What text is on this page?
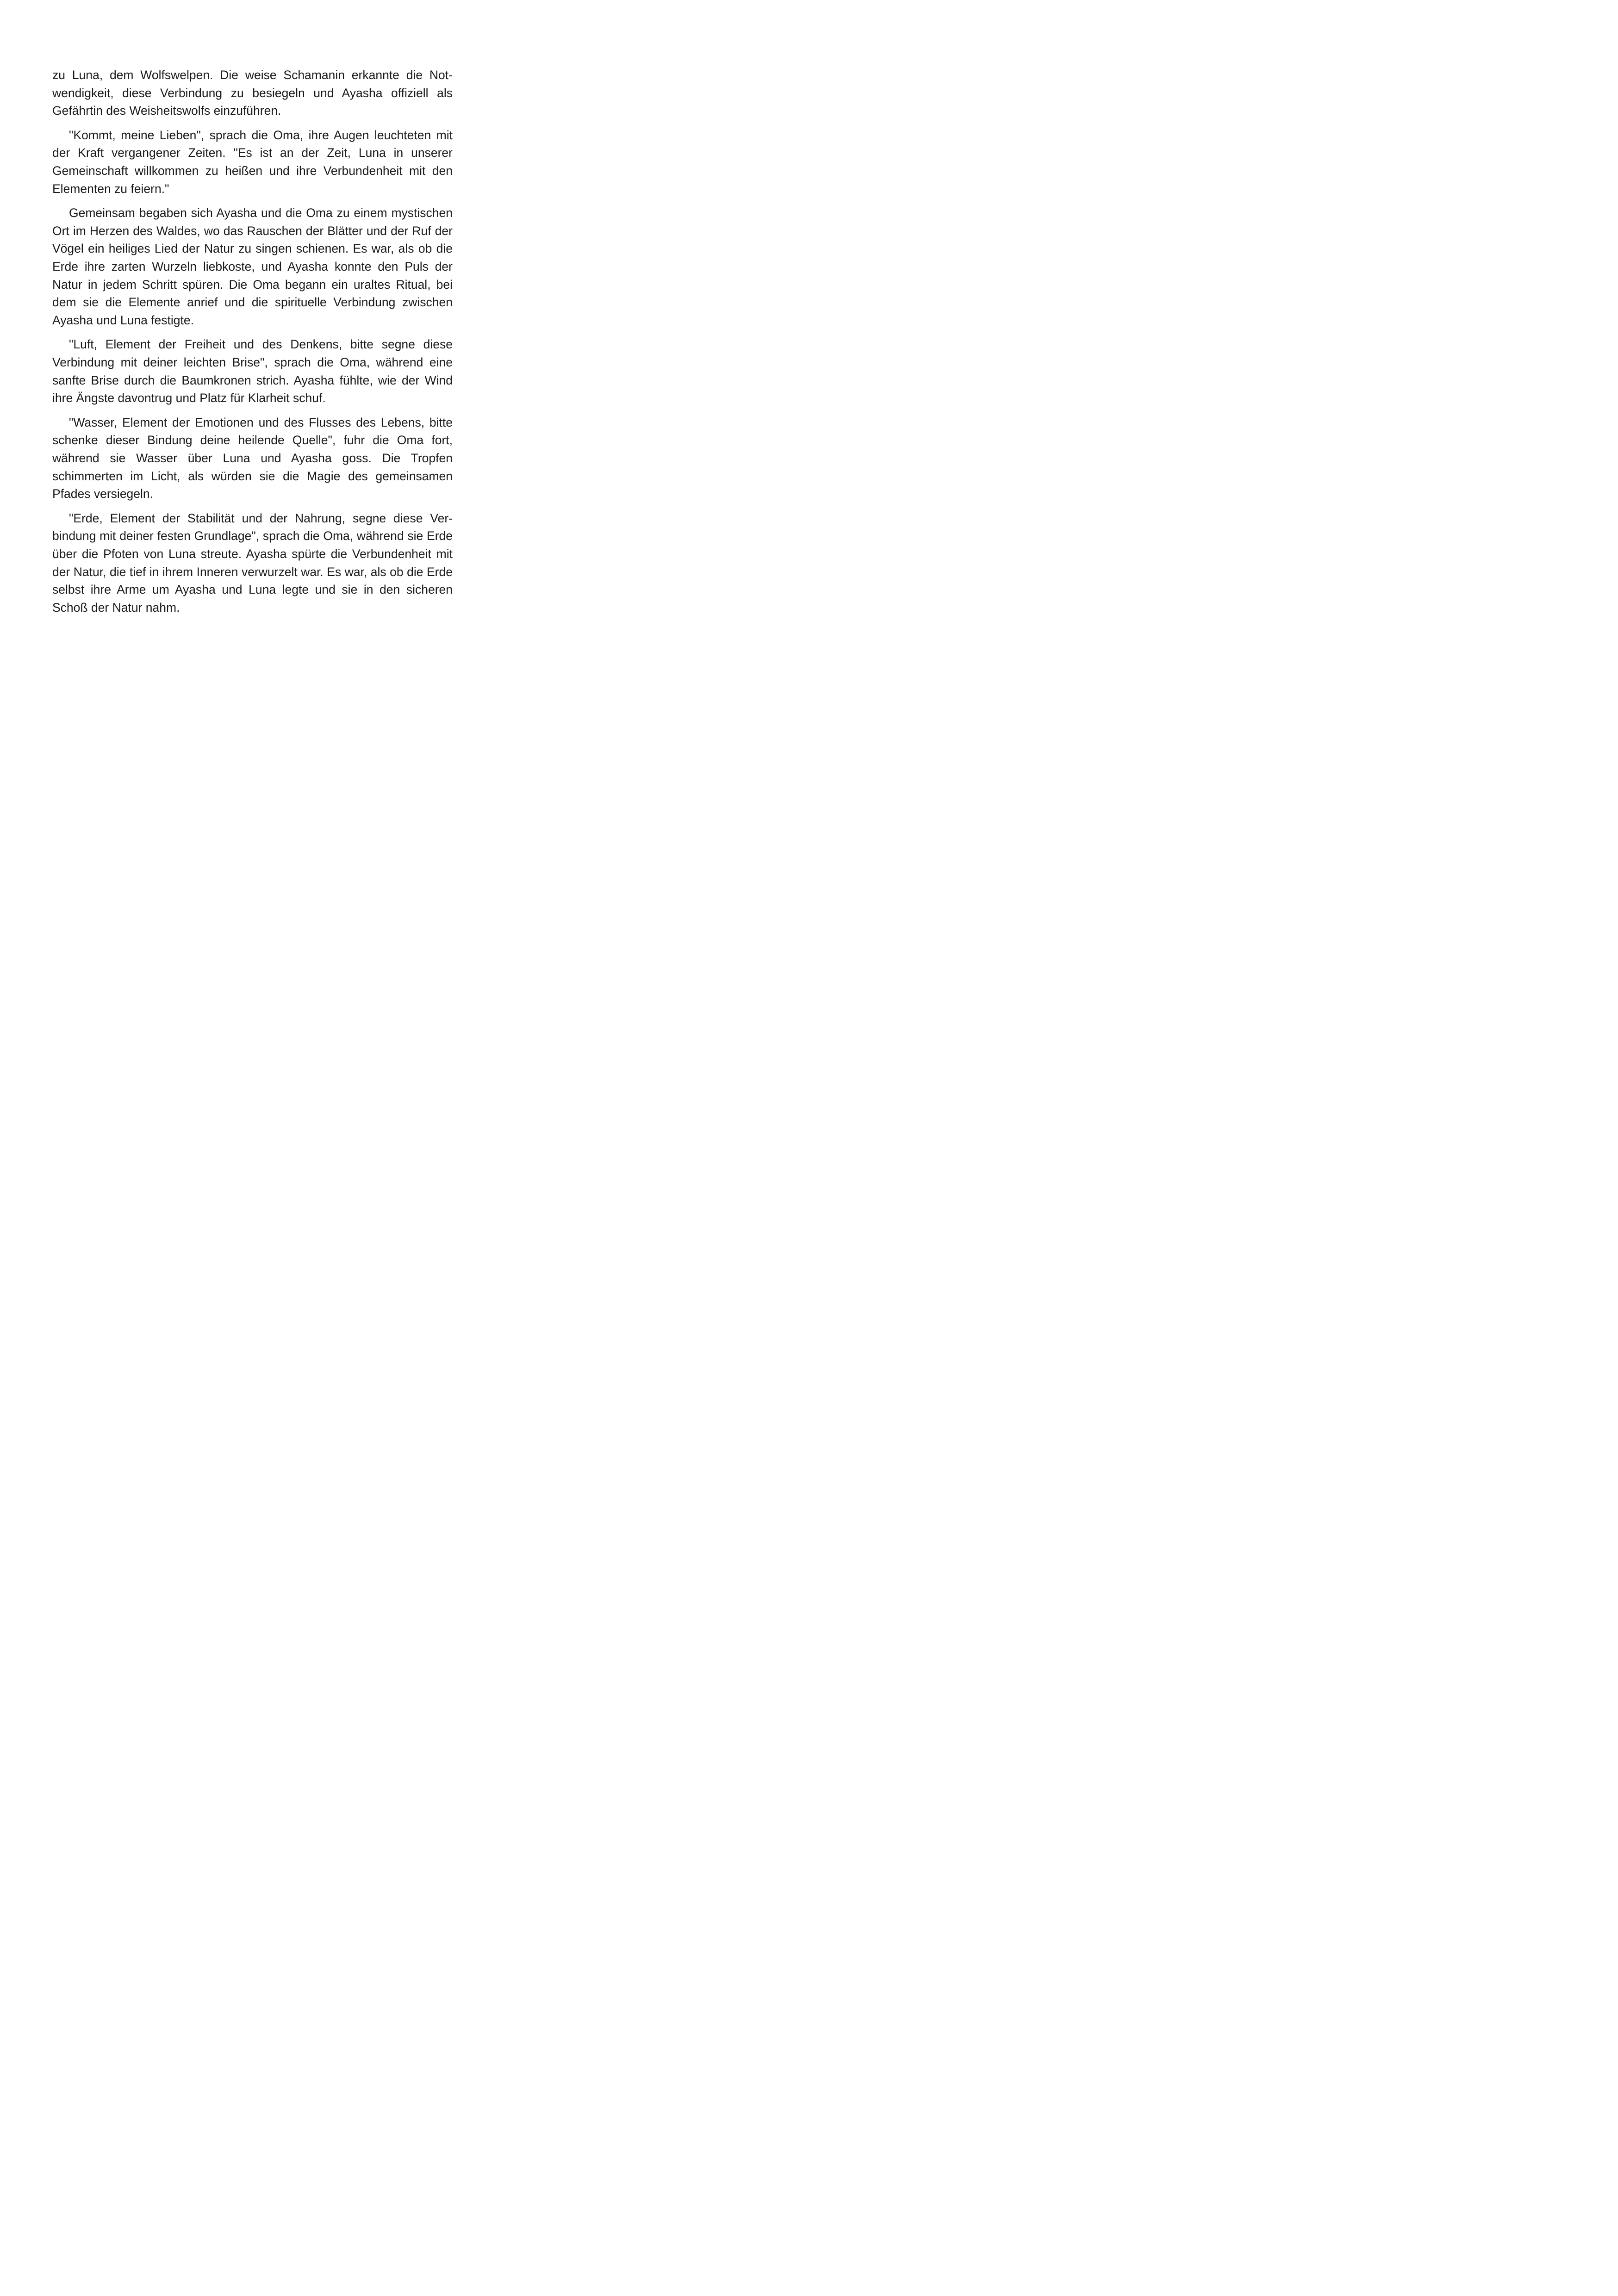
zu Luna, dem Wolfswelpen. Die weise Schamanin erkannte die Notwendigkeit, diese Verbindung zu besiegeln und Ayasha offiziell als Gefährtin des Weisheitswolfs einzuführen.

"Kommt, meine Lieben", sprach die Oma, ihre Augen leuchteten mit der Kraft vergangener Zeiten. "Es ist an der Zeit, Luna in unserer Gemeinschaft willkommen zu heißen und ihre Verbundenheit mit den Elementen zu feiern."

Gemeinsam begaben sich Ayasha und die Oma zu einem mystischen Ort im Herzen des Waldes, wo das Rauschen der Blätter und der Ruf der Vögel ein heiliges Lied der Natur zu singen schienen. Es war, als ob die Erde ihre zarten Wurzeln liebkoste, und Ayasha konnte den Puls der Natur in jedem Schritt spüren. Die Oma begann ein uraltes Ritual, bei dem sie die Elemente anrief und die spirituelle Verbindung zwischen Ayasha und Luna festigte.

"Luft, Element der Freiheit und des Denkens, bitte segne diese Verbindung mit deiner leichten Brise", sprach die Oma, während eine sanfte Brise durch die Baumkronen strich. Ayasha fühlte, wie der Wind ihre Ängste davontrug und Platz für Klarheit schuf.

"Wasser, Element der Emotionen und des Flusses des Lebens, bitte schenke dieser Bindung deine heilende Quelle", fuhr die Oma fort, während sie Wasser über Luna und Ayasha goss. Die Tropfen schimmerten im Licht, als würden sie die Magie des gemeinsamen Pfades versiegeln.

"Erde, Element der Stabilität und der Nahrung, segne diese Verbindung mit deiner festen Grundlage", sprach die Oma, während sie Erde über die Pfoten von Luna streute. Ayasha spürte die Verbundenheit mit der Natur, die tief in ihrem Inneren verwurzelt war. Es war, als ob die Erde selbst ihre Arme um Ayasha und Luna legte und sie in den sicheren Schoß der Natur nahm.
